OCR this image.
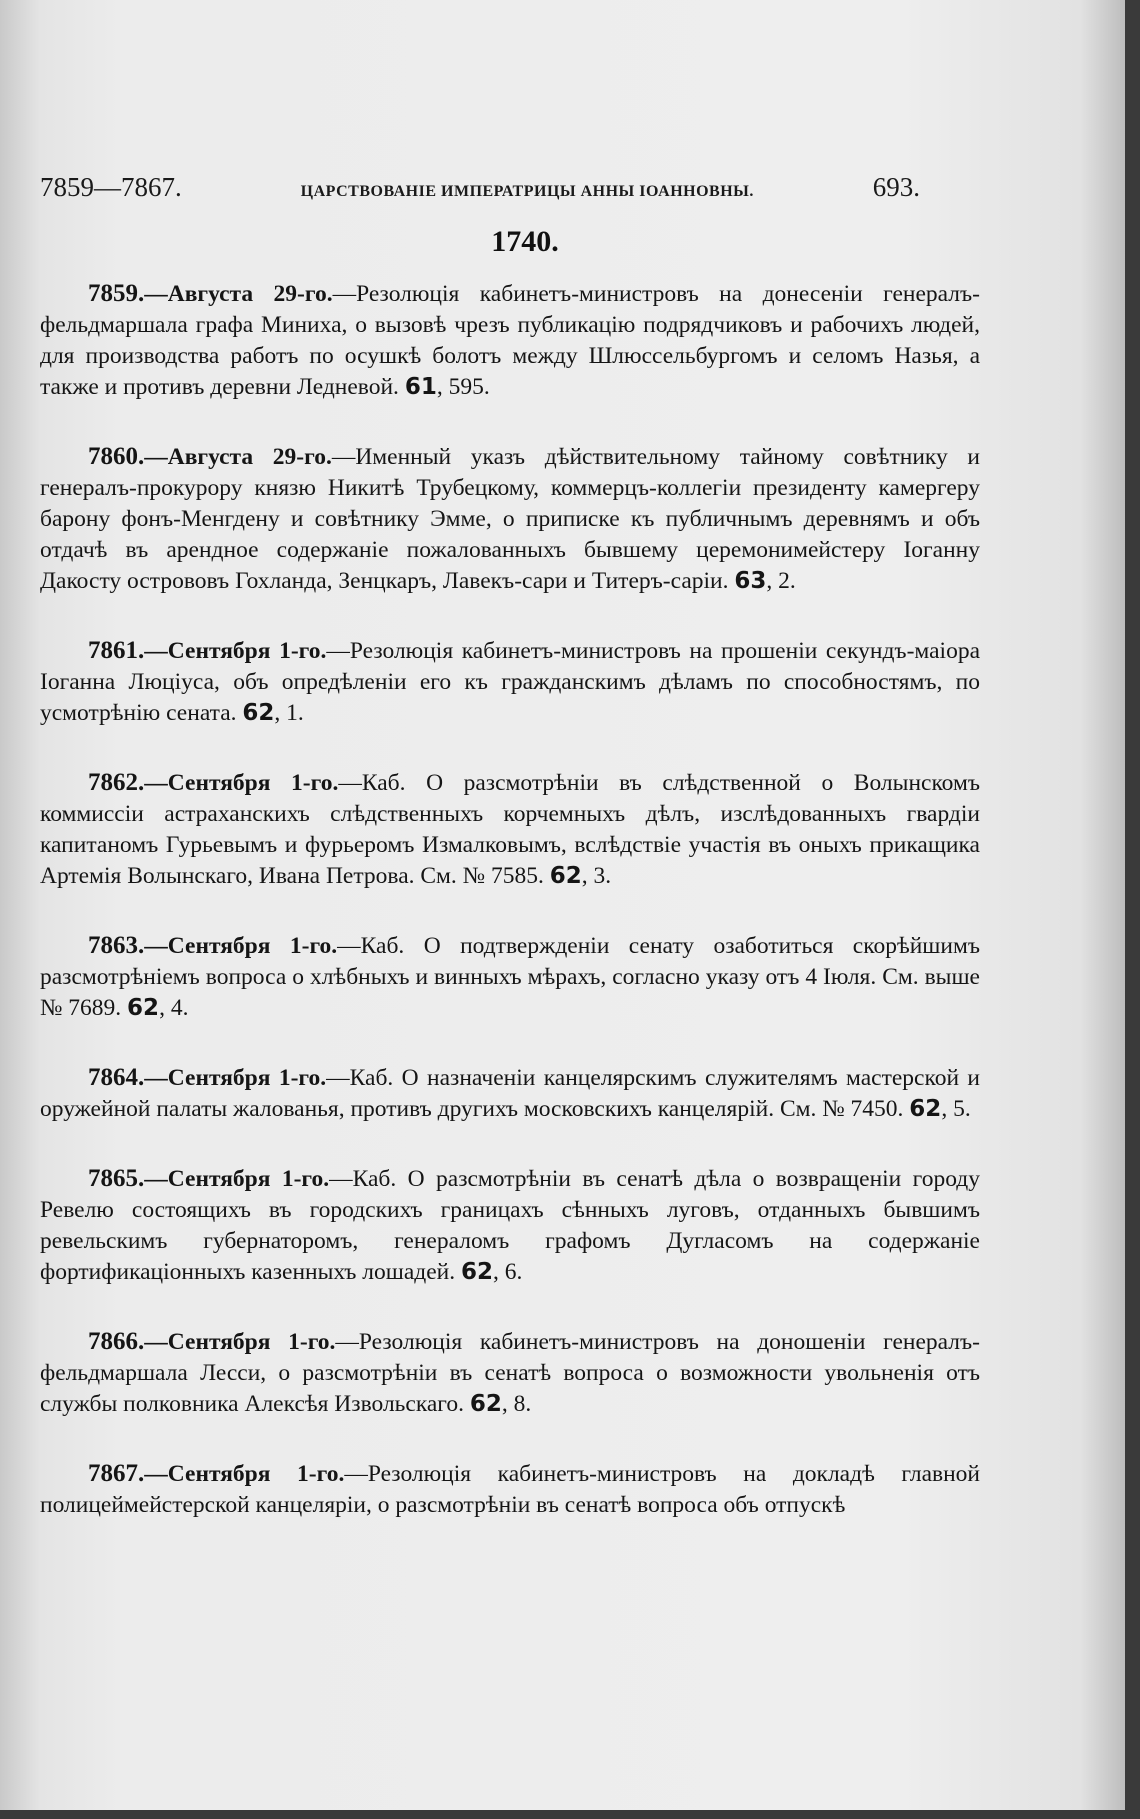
7859—7867.	ЦАРСТВОВАНІЕ ИМПЕРАТРИЦЫ АННЫ ІОАННОВНЫ.	693.
1740.

7859.—Августа 29-го.—Резолюція кабинетъ-министровъ на донесеніи генералъ-фельдмаршала графа Миниха, о вызовѣ чрезъ публикацію подрядчиковъ и рабочихъ людей, для производства работъ по осушкѣ болотъ между Шлюссельбургомъ и селомъ Назья, а также и противъ деревни Ледневой. 61, 595.

7860.—Августа 29-го.—Именный указъ дѣйствительному тайному совѣтнику и генералъ-прокурору князю Никитѣ Трубецкому, коммерцъ-коллегіи президенту камергеру барону фонъ-Менгдену и совѣтнику Эмме, о приписке къ публичнымъ деревнямъ и объ отдачѣ въ арендное содержаніе пожалованныхъ бывшему церемонимейстеру Іоганну Дакосту острововъ Гохланда, Зенцкаръ, Лавекъ-сари и Титеръ-саріи. 63, 2.

7861.—Сентября 1-го.—Резолюція кабинетъ-министровъ на прошеніи секундъ-маіора Іоганна Люціуса, объ опредѣленіи его къ гражданскимъ дѣламъ по способностямъ, по усмотрѣнію сената. 62, 1.

7862.—Сентября 1-го.—Каб. О разсмотрѣніи въ слѣдственной о Волынскомъ коммиссіи астраханскихъ слѣдственныхъ корчемныхъ дѣлъ, изслѣдованныхъ гвардіи капитаномъ Гурьевымъ и фурьеромъ Измалковымъ, вслѣдствіе участія въ оныхъ прикащика Артемія Волынскаго, Ивана Петрова. См. № 7585. 62, 3.

7863.—Сентября 1-го.—Каб. О подтвержденіи сенату озаботиться скорѣйшимъ разсмотрѣніемъ вопроса о хлѣбныхъ и винныхъ мѣрахъ, согласно указу отъ 4 Іюля. См. выше № 7689. 62, 4.

7864.—Сентября 1-го.—Каб. О назначеніи канцелярскимъ служителямъ мастерской и оружейной палаты жалованья, противъ другихъ московскихъ канцелярій. См. № 7450. 62, 5.

7865.—Сентября 1-го.—Каб. О разсмотрѣніи въ сенатѣ дѣла о возвращеніи городу Ревелю состоящихъ въ городскихъ границахъ сѣнныхъ луговъ, отданныхъ бывшимъ ревельскимъ губернаторомъ, генераломъ графомъ Дугласомъ на содержаніе фортификаціонныхъ казенныхъ лошадей. 62, 6.

7866.—Сентября 1-го.—Резолюція кабинетъ-министровъ на доношеніи генералъ-фельдмаршала Лесси, о разсмотрѣніи въ сенатѣ вопроса о возможности увольненія отъ службы полковника Алексѣя Извольскаго. 62, 8.

7867.—Сентября 1-го.—Резолюція кабинетъ-министровъ на докладѣ главной полицеймейстерской канцеляріи, о разсмотрѣніи въ сенатѣ вопроса объ отпускѣ
